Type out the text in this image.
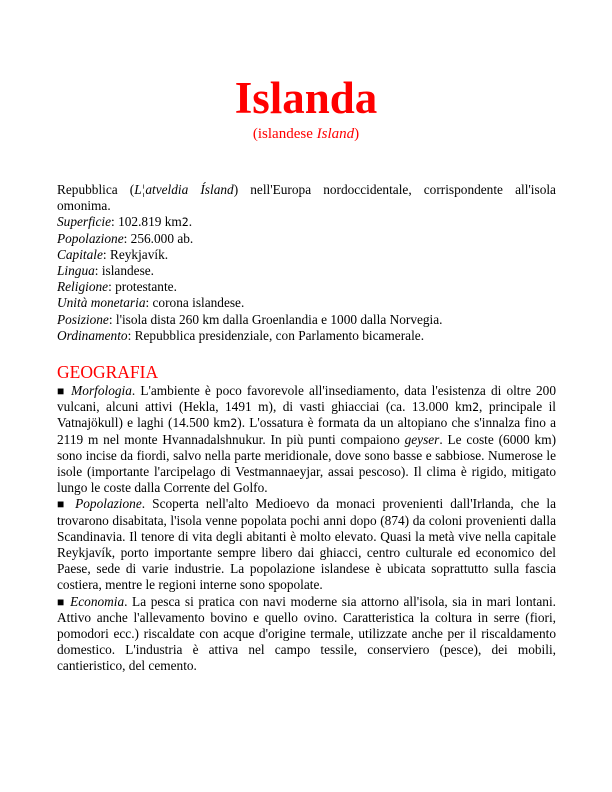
Islanda

(islandese Island)

Repubblica (L¦atveldia Ísland) nell'Europa nordoccidentale, corrispondente all'isola omonima.

Superficie: 102.819 km2.

Popolazione: 256.000 ab.

Capitale: Reykjavík.

Lingua: islandese.

Religione: protestante.

Unità monetaria: corona islandese.

Posizione: l'isola dista 260 km dalla Groenlandia e 1000 dalla Norvegia.

Ordinamento: Repubblica presidenziale, con Parlamento bicamerale.

GEOGRAFIA

■ Morfologia. L'ambiente è poco favorevole all'insediamento, data l'esistenza di oltre 200 vulcani, alcuni attivi (Hekla, 1491 m), di vasti ghiacciai (ca. 13.000 km2, principale il Vatnajökull) e laghi (14.500 km2). L'ossatura è formata da un altopiano che s'innalza fino a 2119 m nel monte Hvannadalshnukur. In più punti compaiono geyser. Le coste (6000 km) sono incise da fiordi, salvo nella parte meridionale, dove sono basse e sabbiose. Numerose le isole (importante l'arcipelago di Vestmannaeyjar, assai pescoso). Il clima è rigido, mitigato lungo le coste dalla Corrente del Golfo.

■ Popolazione. Scoperta nell'alto Medioevo da monaci provenienti dall'Irlanda, che la trovarono disabitata, l'isola venne popolata pochi anni dopo (874) da coloni provenienti dalla Scandinavia. Il tenore di vita degli abitanti è molto elevato. Quasi la metà vive nella capitale Reykjavík, porto importante sempre libero dai ghiacci, centro culturale ed economico del Paese, sede di varie industrie. La popolazione islandese è ubicata soprattutto sulla fascia costiera, mentre le regioni interne sono spopolate.

■ Economia. La pesca si pratica con navi moderne sia attorno all'isola, sia in mari lontani. Attivo anche l'allevamento bovino e quello ovino. Caratteristica la coltura in serre (fiori, pomodori ecc.) riscaldate con acque d'origine termale, utilizzate anche per il riscaldamento domestico. L'industria è attiva nel campo tessile, conserviero (pesce), dei mobili, cantieristico, del cemento.
